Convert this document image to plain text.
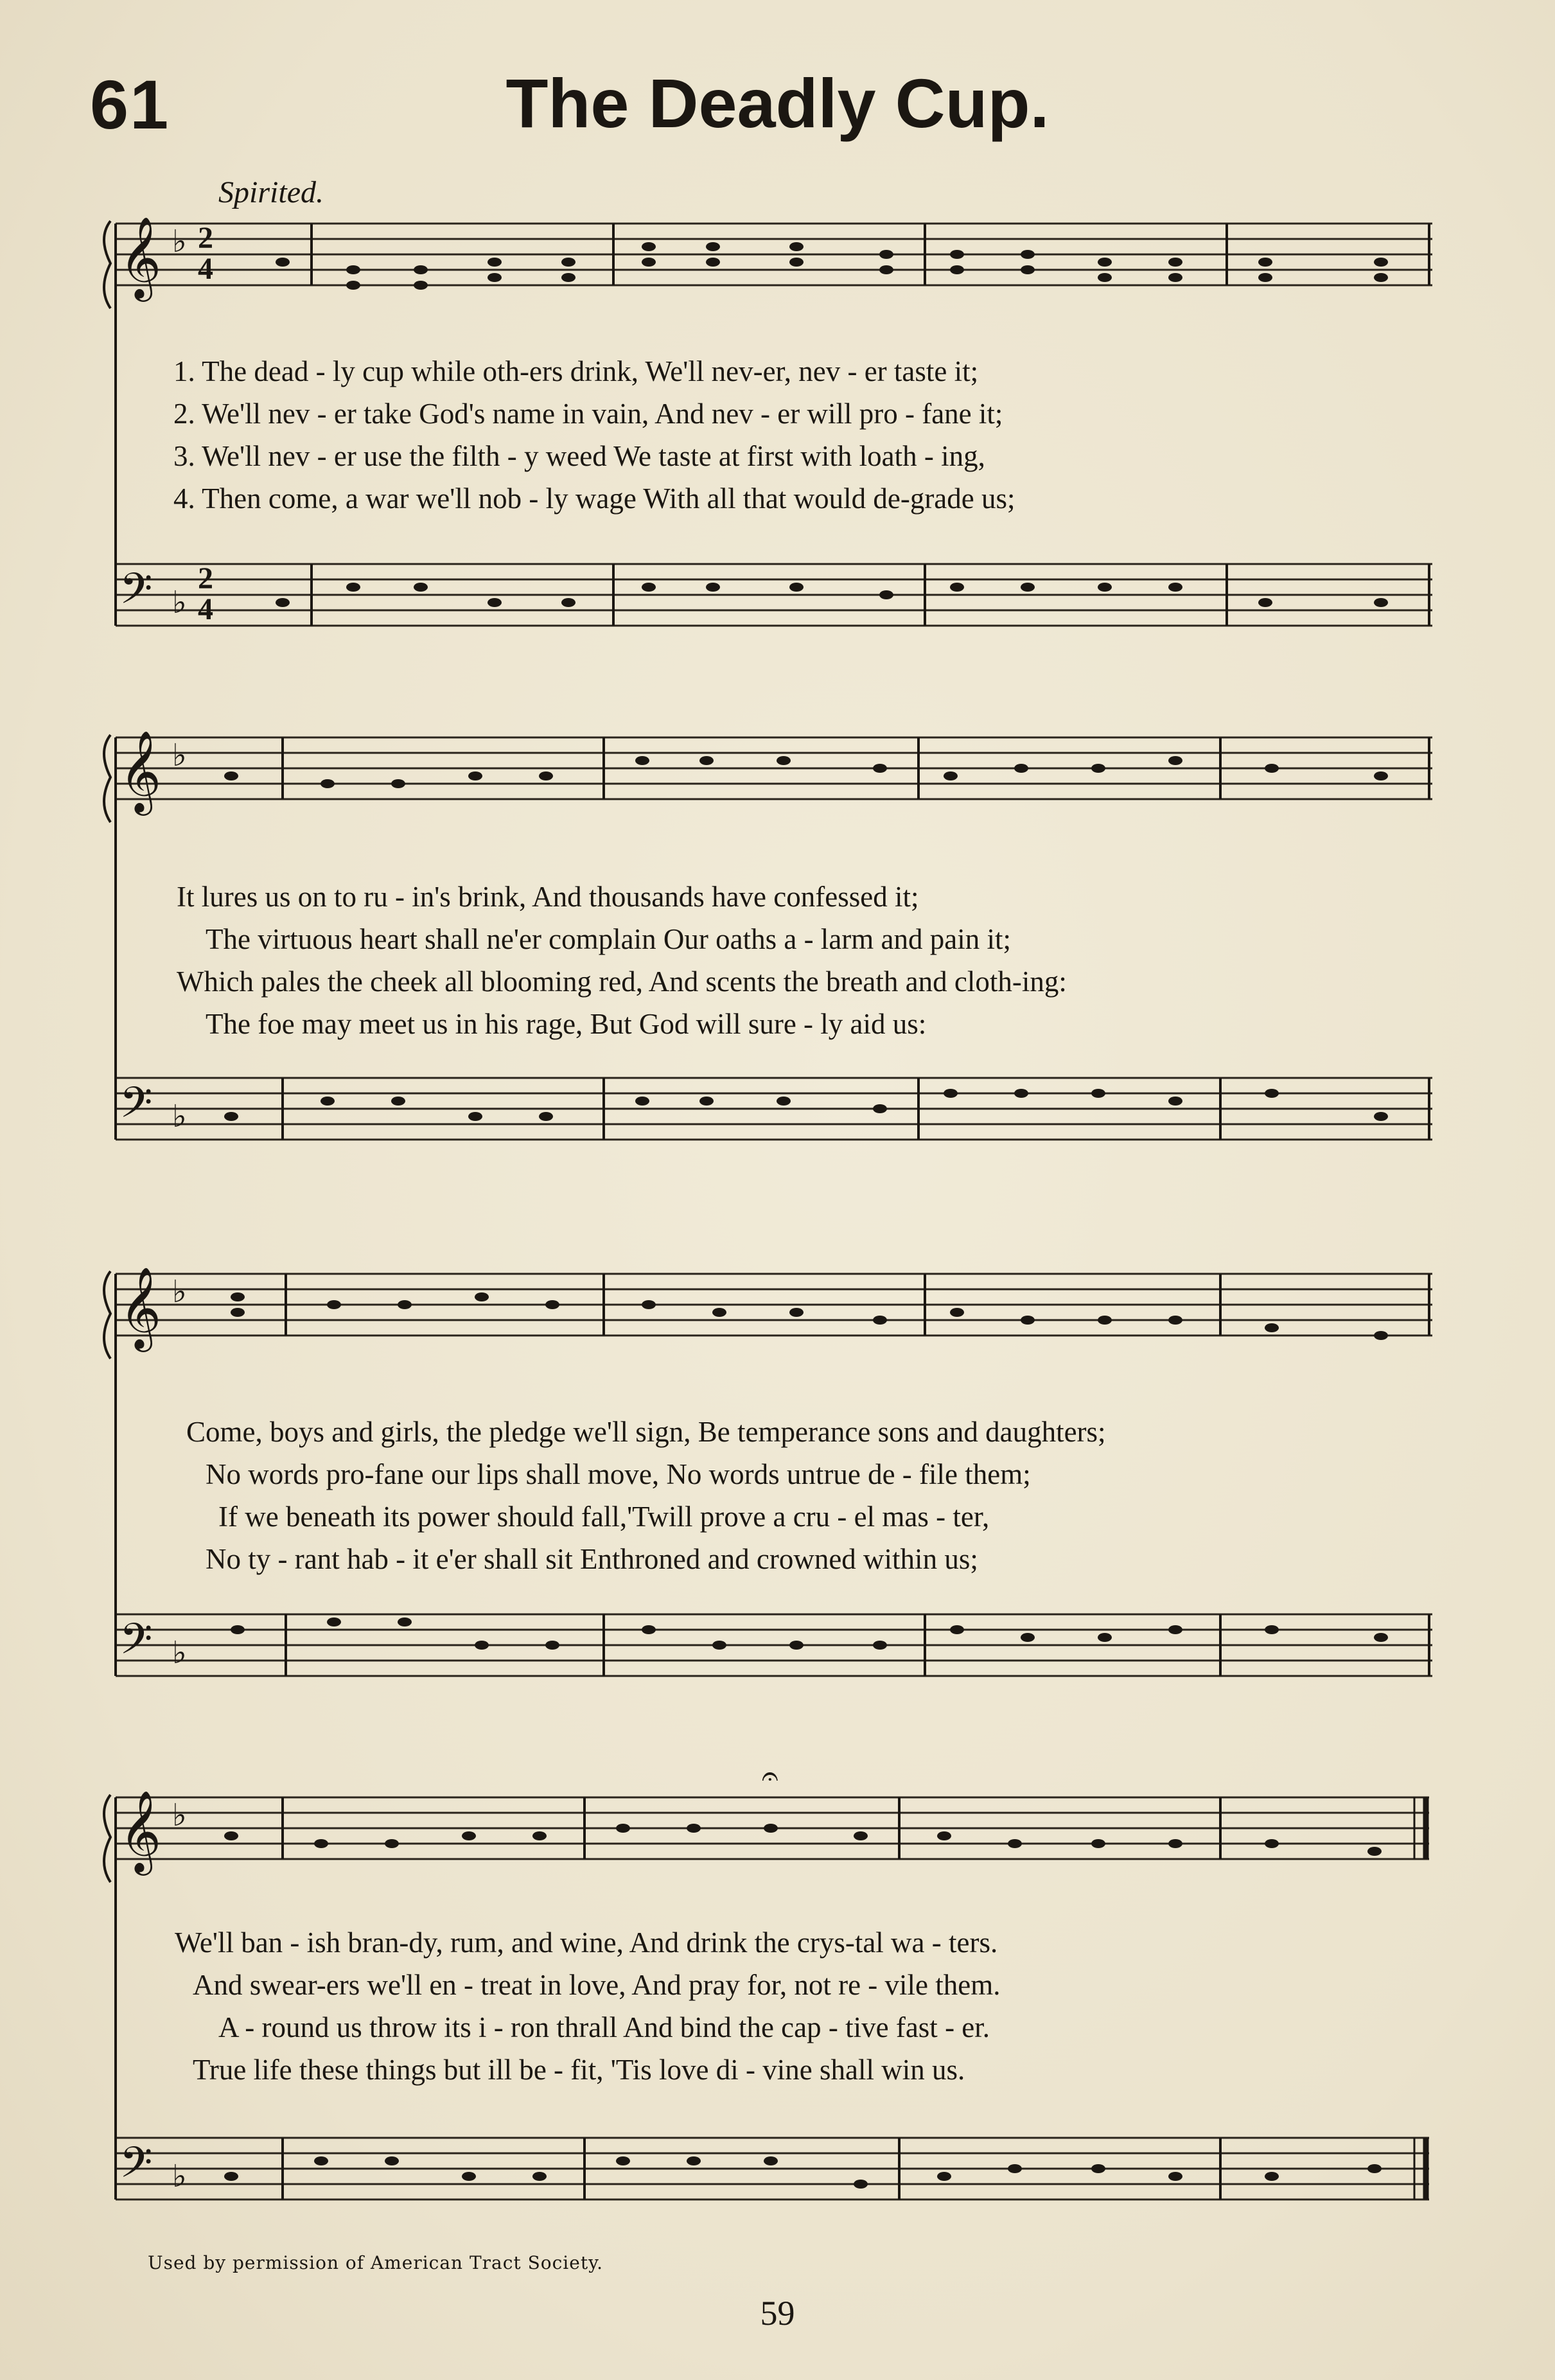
61	The Deadly Cup.
Spirited.
𝄞
𝄢
♭
♭
2
4
2
4
1. The dead - ly cup while oth-ers drink, We'll nev-er, nev - er taste it;
2. We'll nev - er take God's name in vain, And nev - er will pro - fane it;
3. We'll nev - er use the filth - y weed We taste at first with loath - ing,
4. Then come, a war we'll nob - ly wage With all that would de-grade us;
𝄞
𝄢
♭
♭
It lures us on to ru - in's brink, And thousands have confessed it;
The virtuous heart shall ne'er complain Our oaths a - larm and pain it;
Which pales the cheek all blooming red, And scents the breath and cloth-ing:
The foe may meet us in his rage, But God will sure - ly aid us:
𝄞
𝄢
♭
♭
Come, boys and girls, the pledge we'll sign, Be temperance sons and daughters;
No words pro-fane our lips shall move, No words untrue de - file them;
If we beneath its power should fall,'Twill prove a cru - el mas - ter,
No ty - rant hab - it e'er shall sit Enthroned and crowned within us;
𝄞
𝄢
♭
♭
𝄐
We'll ban - ish bran-dy, rum, and wine, And drink the crys-tal wa - ters.
And swear-ers we'll en - treat in love, And pray for, not re - vile them.
A - round us throw its i - ron thrall And bind the cap - tive fast - er.
True life these things but ill be - fit, 'Tis love di - vine shall win us.
Used by permission of American Tract Society.
59
